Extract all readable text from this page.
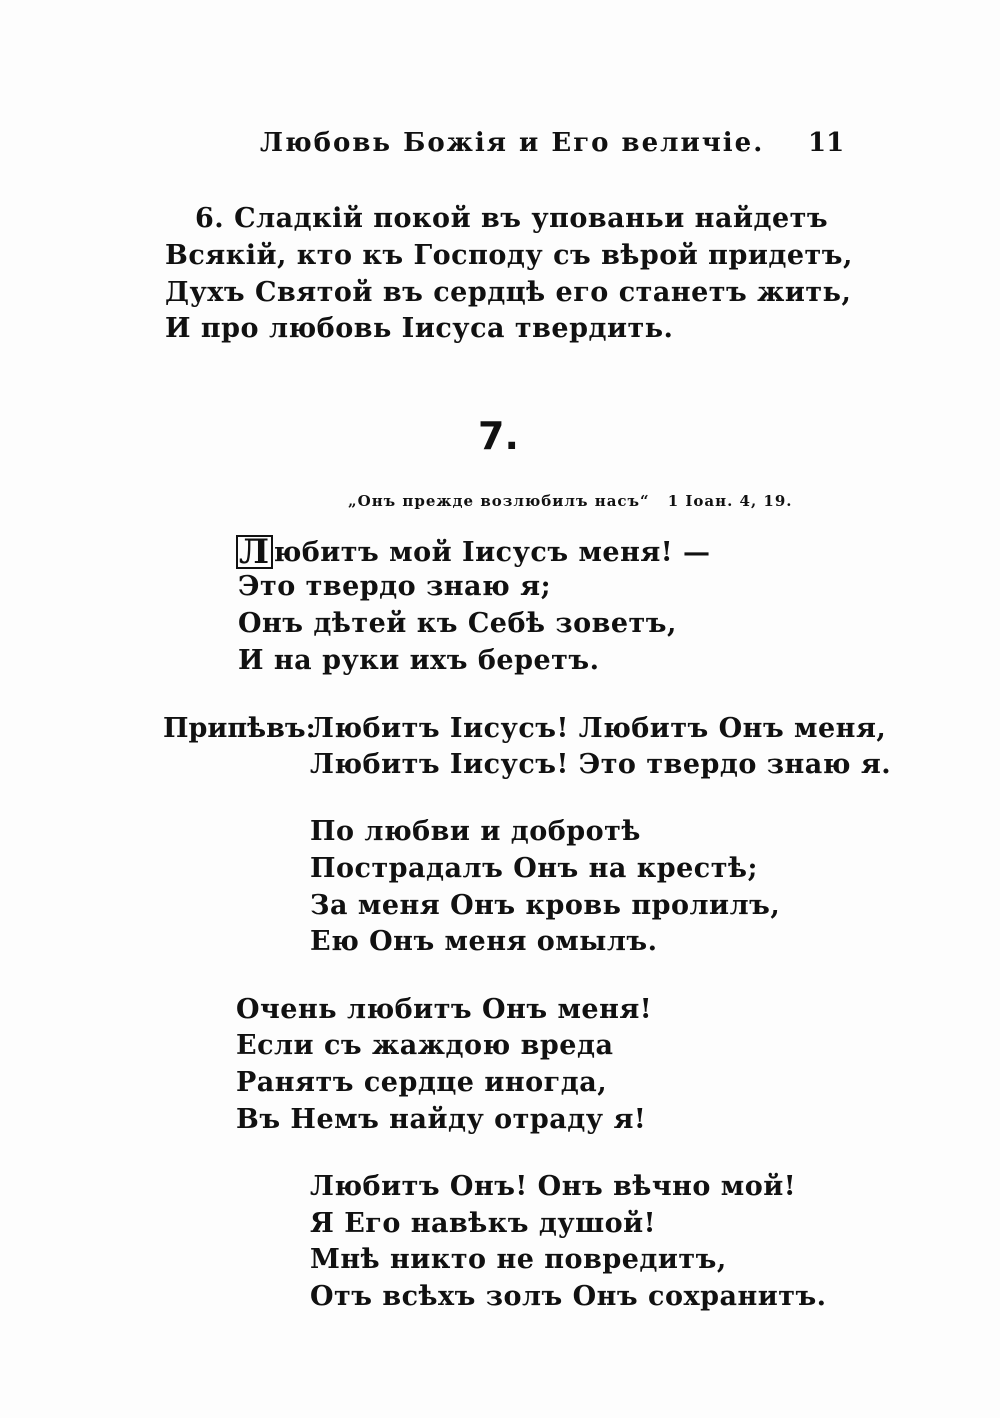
Любовь Божія и Его величіе. 11
6. Сладкій покой въ упованьи найдетъ
Всякій, кто къ Господу съ вѣрой придетъ,
Духъ Святой въ сердцѣ его станетъ жить,
И про любовь Іисуса твердить.
7.
„Онъ прежде возлюбилъ насъ“ 1 Іоан. 4, 19.
Л юбитъ мой Іисусъ меня! —
Это твердо знаю я;
Онъ дѣтей къ Себѣ зоветъ,
И на руки ихъ беретъ.
Припѣвъ:
Любитъ Іисусъ! Любитъ Онъ меня,
Любитъ Іисусъ! Это твердо знаю я.
По любви и добротѣ
Пострадалъ Онъ на крестѣ;
За меня Онъ кровь пролилъ,
Ею Онъ меня омылъ.
Очень любитъ Онъ меня!
Если съ жаждою вреда
Ранятъ сердце иногда,
Въ Немъ найду отраду я!
Любитъ Онъ! Онъ вѣчно мой!
Я Его навѣкъ душой!
Мнѣ никто не повредитъ,
Отъ всѣхъ золъ Онъ сохранитъ.
